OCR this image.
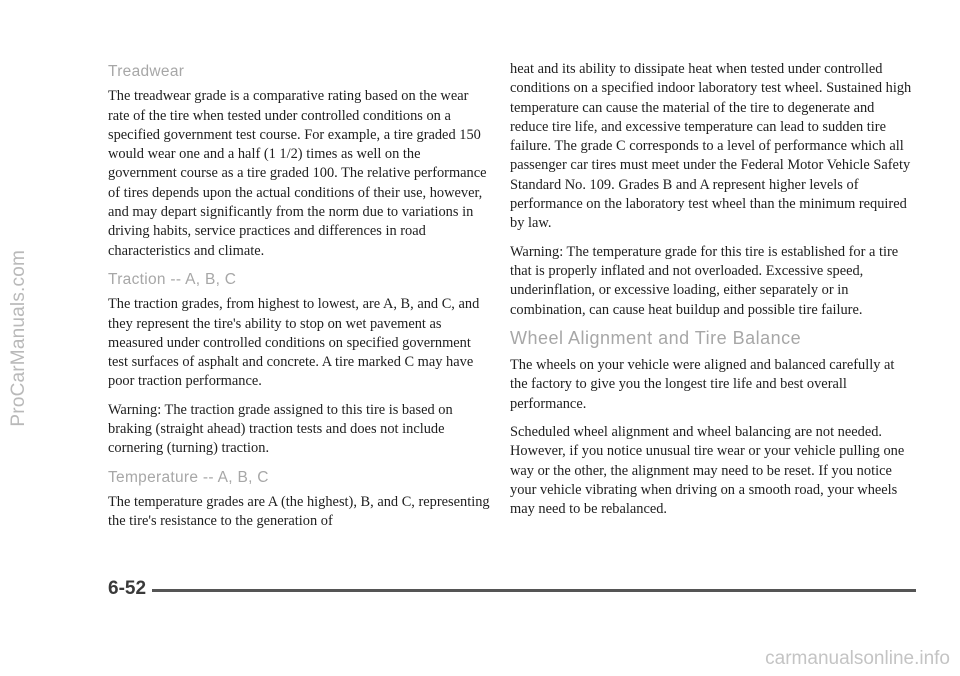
ProCarManuals.com
Treadwear

The treadwear grade is a comparative rating based on the wear rate of the tire when tested under controlled conditions on a specified government test course. For example, a tire graded 150 would wear one and a half (1 1/2) times as well on the government course as a tire graded 100. The relative performance of tires depends upon the actual conditions of their use, however, and may depart significantly from the norm due to variations in driving habits, service practices and differences in road characteristics and climate.

Traction -- A, B, C

The traction grades, from highest to lowest, are A, B, and C, and they represent the tire's ability to stop on wet pavement as measured under controlled conditions on specified government test surfaces of asphalt and concrete. A tire marked C may have poor traction performance.

Warning: The traction grade assigned to this tire is based on braking (straight ahead) traction tests and does not include cornering (turning) traction.

Temperature -- A, B, C

The temperature grades are A (the highest), B, and C, representing the tire's resistance to the generation of

heat and its ability to dissipate heat when tested under controlled conditions on a specified indoor laboratory test wheel. Sustained high temperature can cause the material of the tire to degenerate and reduce tire life, and excessive temperature can lead to sudden tire failure. The grade C corresponds to a level of performance which all passenger car tires must meet under the Federal Motor Vehicle Safety Standard No. 109. Grades B and A represent higher levels of performance on the laboratory test wheel than the minimum required by law.

Warning: The temperature grade for this tire is established for a tire that is properly inflated and not overloaded. Excessive speed, underinflation, or excessive loading, either separately or in combination, can cause heat buildup and possible tire failure.

Wheel Alignment and Tire Balance

The wheels on your vehicle were aligned and balanced carefully at the factory to give you the longest tire life and best overall performance.

Scheduled wheel alignment and wheel balancing are not needed. However, if you notice unusual tire wear or your vehicle pulling one way or the other, the alignment may need to be reset. If you notice your vehicle vibrating when driving on a smooth road, your wheels may need to be rebalanced.

6-52
carmanualsonline.info
